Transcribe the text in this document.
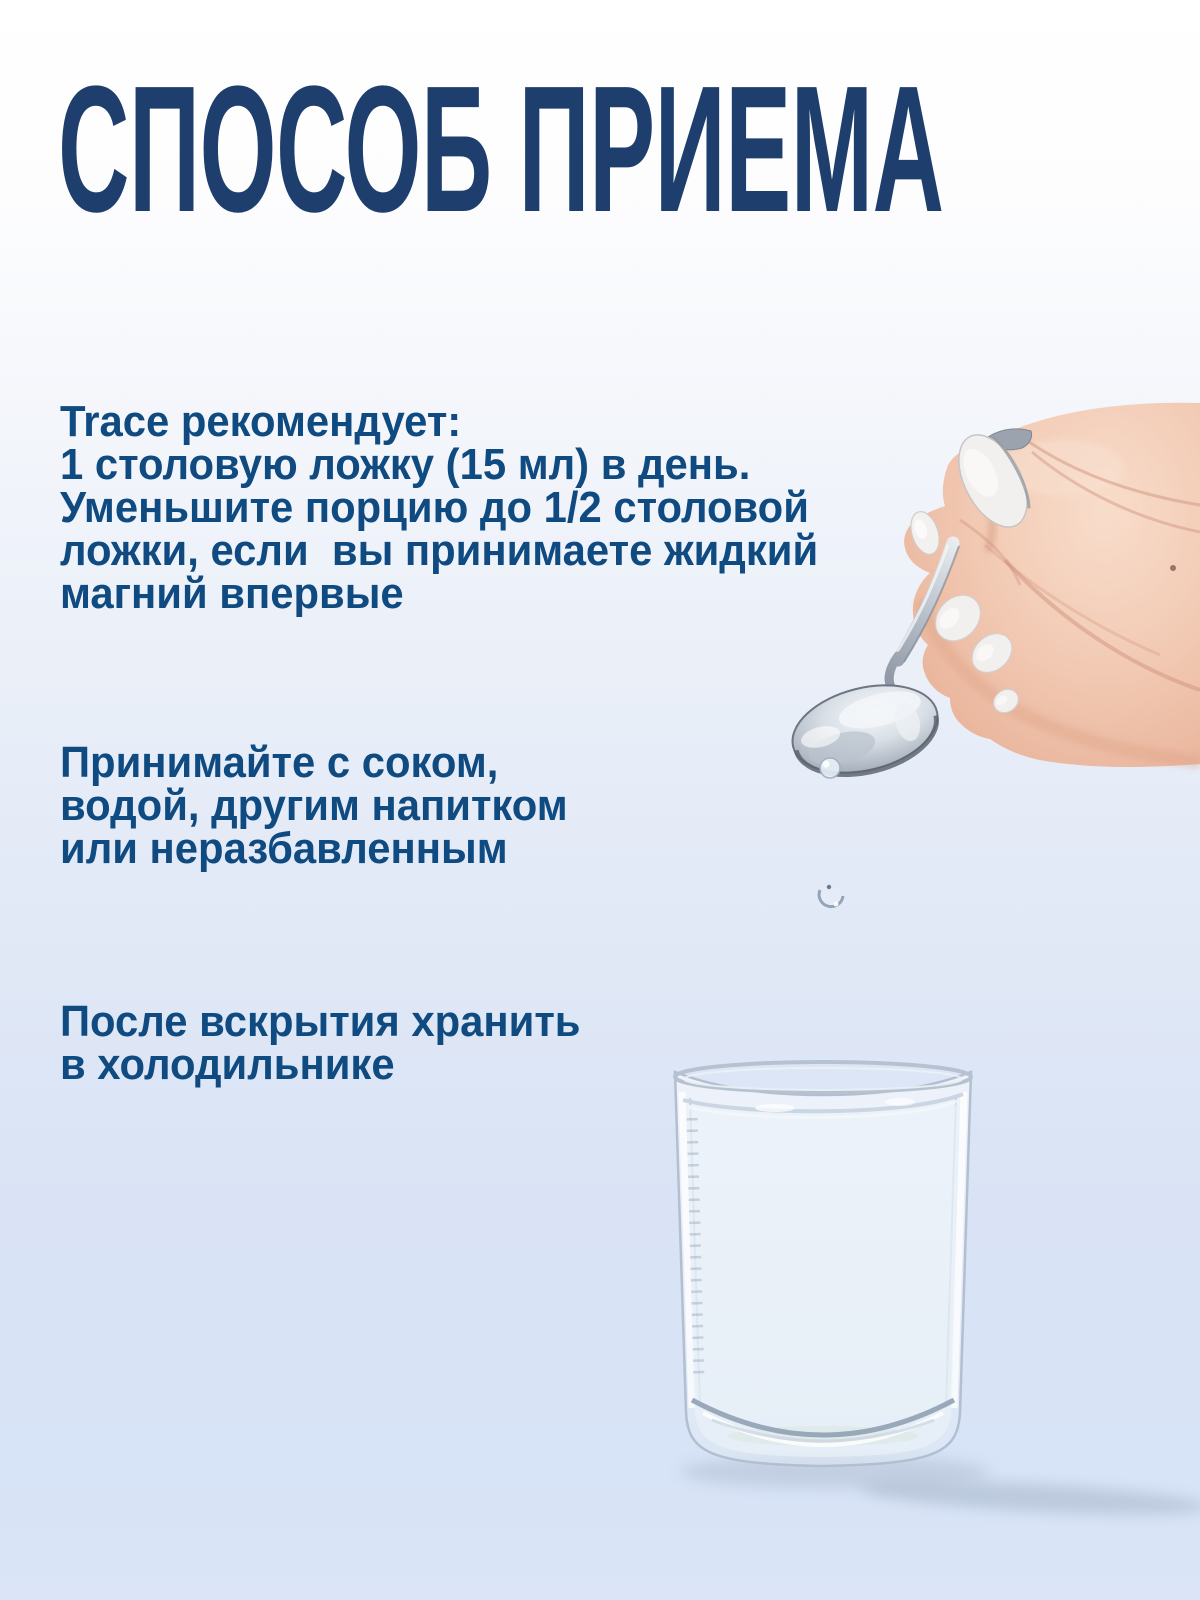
СПОСОБ ПРИЕМА
Trace рекомендует:
1 столовую ложку (15 мл) в день.
Уменьшите порцию до 1/2 столовой
ложки, если  вы принимаете жидкий
магний впервые
Принимайте с соком,
водой, другим напитком
или неразбавленным
После вскрытия хранить
в холодильнике
